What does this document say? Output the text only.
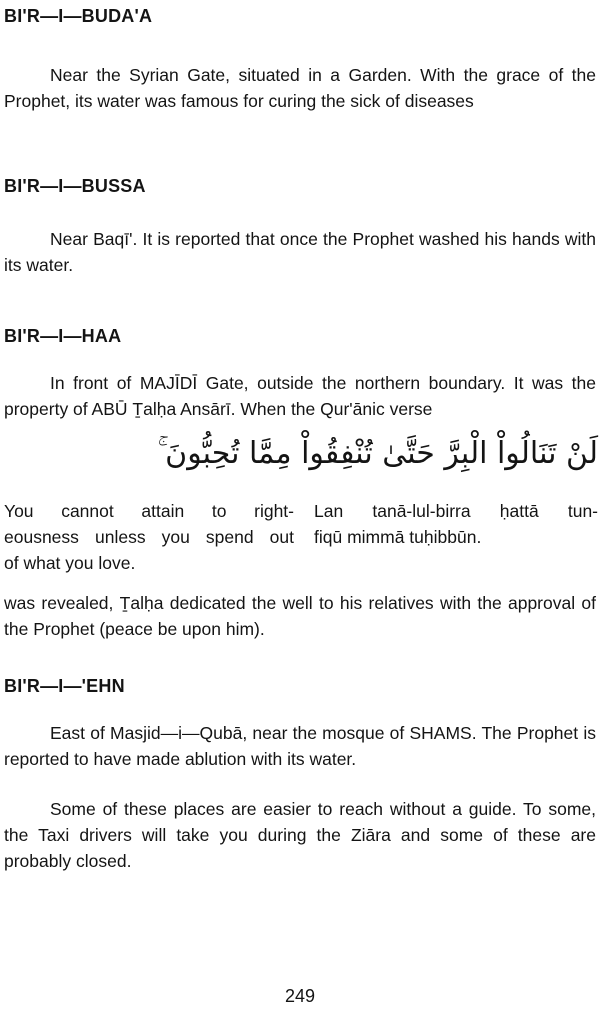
BI'R—I—BUDA'A
Near the Syrian Gate, situated in a Garden. With the grace of the Prophet, its water was famous for curing the sick of diseases
BI'R—I—BUSSA
Near Baqī'. It is reported that once the Prophet washed his hands with its water.
BI'R—I—HAA
In front of MAJĪDĪ Gate, outside the northern boundary. It was the property of ABŪ Ṯalḥa Ansārī. When the Qur'ānic verse
لَنْ تَنَالُواْ الْبِرَّ حَتَّىٰ تُنْفِقُواْ مِمَّا تُحِبُّونَ ۚ
You cannot attain to right-
eousness unless you spend out
of what you love.
Lan tanā-lul-birra ḥattā tun-
fiqū mimmā tuḥibbūn.
was revealed, Ṯalḥa dedicated the well to his relatives with the approval of the Prophet (peace be upon him).
BI'R—I—'EHN
East of Masjid—i—Qubā, near the mosque of SHAMS. The Prophet is reported to have made ablution with its water.
Some of these places are easier to reach without a guide. To some, the Taxi drivers will take you during the Ziāra and some of these are probably closed.
249
